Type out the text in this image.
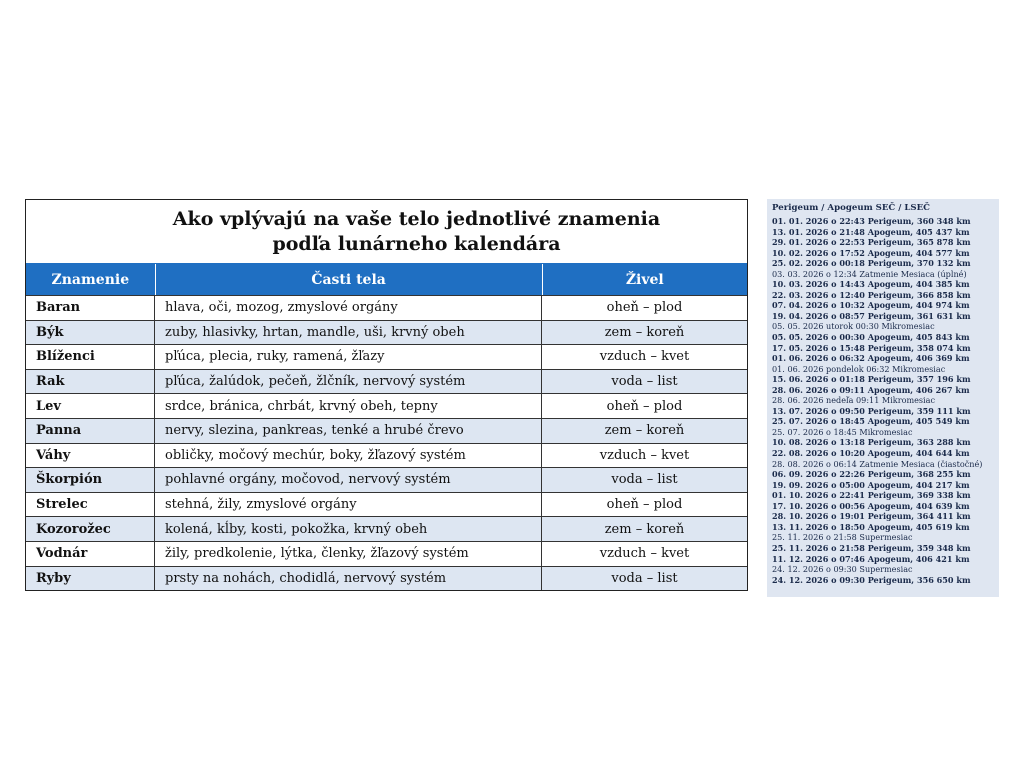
Ako vplývajú na vaše telo jednotlivé znamenia
podľa lunárneho kalendára
Znamenie	Časti tela	Živel
Baran	hlava, oči, mozog, zmyslové orgány	oheň – plod
Býk	zuby, hlasivky, hrtan, mandle, uši, krvný obeh	zem – koreň
Blíženci	pľúca, plecia, ruky, ramená, žľazy	vzduch – kvet
Rak	pľúca, žalúdok, pečeň, žlčník, nervový systém	voda – list
Lev	srdce, bránica, chrbát, krvný obeh, tepny	oheň – plod
Panna	nervy, slezina, pankreas, tenké a hrubé črevo	zem – koreň
Váhy	obličky, močový mechúr, boky, žľazový systém	vzduch – kvet
Škorpión	pohlavné orgány, močovod, nervový systém	voda – list
Strelec	stehná, žily, zmyslové orgány	oheň – plod
Kozorožec	kolená, kĺby, kosti, pokožka, krvný obeh	zem – koreň
Vodnár	žily, predkolenie, lýtka, členky, žľazový systém	vzduch – kvet
Ryby	prsty na nohách, chodidlá, nervový systém	voda – list
Perigeum / Apogeum SEČ / LSEČ
01. 01. 2026 o 22:43 Perigeum, 360 348 km
13. 01. 2026 o 21:48 Apogeum, 405 437 km
29. 01. 2026 o 22:53 Perigeum, 365 878 km
10. 02. 2026 o 17:52 Apogeum, 404 577 km
25. 02. 2026 o 00:18 Perigeum, 370 132 km
03. 03. 2026 o 12:34 Zatmenie Mesiaca (úplné)
10. 03. 2026 o 14:43 Apogeum, 404 385 km
22. 03. 2026 o 12:40 Perigeum, 366 858 km
07. 04. 2026 o 10:32 Apogeum, 404 974 km
19. 04. 2026 o 08:57 Perigeum, 361 631 km
05. 05. 2026 utorok 00:30 Mikromesiac
05. 05. 2026 o 00:30 Apogeum, 405 843 km
17. 05. 2026 o 15:48 Perigeum, 358 074 km
01. 06. 2026 o 06:32 Apogeum, 406 369 km
01. 06. 2026 pondelok 06:32 Mikromesiac
15. 06. 2026 o 01:18 Perigeum, 357 196 km
28. 06. 2026 o 09:11 Apogeum, 406 267 km
28. 06. 2026 nedeľa 09:11 Mikromesiac
13. 07. 2026 o 09:50 Perigeum, 359 111 km
25. 07. 2026 o 18:45 Apogeum, 405 549 km
25. 07. 2026 o 18:45 Mikromesiac
10. 08. 2026 o 13:18 Perigeum, 363 288 km
22. 08. 2026 o 10:20 Apogeum, 404 644 km
28. 08. 2026 o 06:14 Zatmenie Mesiaca (čiastočné)
06. 09. 2026 o 22:26 Perigeum, 368 255 km
19. 09. 2026 o 05:00 Apogeum, 404 217 km
01. 10. 2026 o 22:41 Perigeum, 369 338 km
17. 10. 2026 o 00:56 Apogeum, 404 639 km
28. 10. 2026 o 19:01 Perigeum, 364 411 km
13. 11. 2026 o 18:50 Apogeum, 405 619 km
25. 11. 2026 o 21:58 Supermesiac
25. 11. 2026 o 21:58 Perigeum, 359 348 km
11. 12. 2026 o 07:46 Apogeum, 406 421 km
24. 12. 2026 o 09:30 Supermesiac
24. 12. 2026 o 09:30 Perigeum, 356 650 km
